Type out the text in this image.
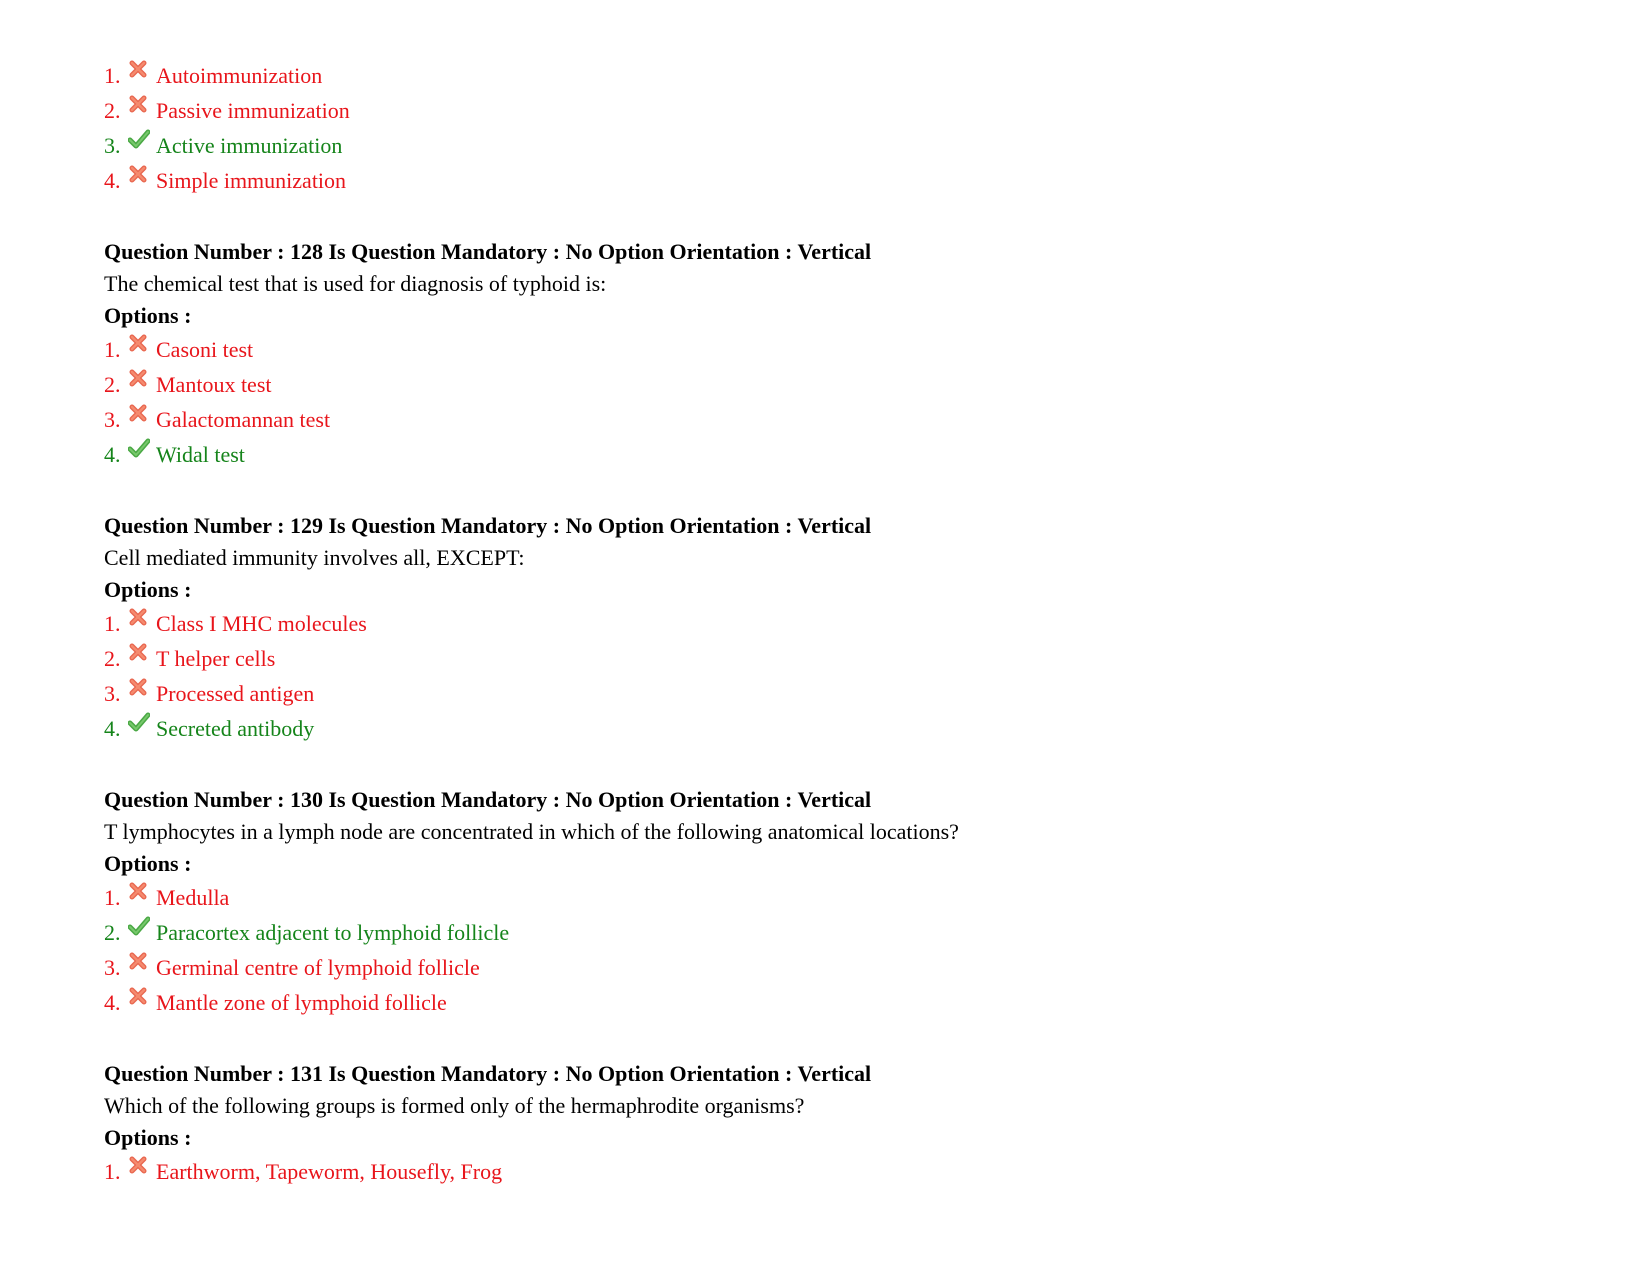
1.	Autoimmunization
2.	Passive immunization
3.	Active immunization
4.	Simple immunization
Question Number : 128 Is Question Mandatory : No Option Orientation : Vertical
The chemical test that is used for diagnosis of typhoid is:
Options :
1.	Casoni test
2.	Mantoux test
3.	Galactomannan test
4.	Widal test
Question Number : 129 Is Question Mandatory : No Option Orientation : Vertical
Cell mediated immunity involves all, EXCEPT:
Options :
1.	Class I MHC molecules
2.	T helper cells
3.	Processed antigen
4.	Secreted antibody
Question Number : 130 Is Question Mandatory : No Option Orientation : Vertical
T lymphocytes in a lymph node are concentrated in which of the following anatomical locations?
Options :
1.	Medulla
2.	Paracortex adjacent to lymphoid follicle
3.	Germinal centre of lymphoid follicle
4.	Mantle zone of lymphoid follicle
Question Number : 131 Is Question Mandatory : No Option Orientation : Vertical
Which of the following groups is formed only of the hermaphrodite organisms?
Options :
1.	Earthworm, Tapeworm, Housefly, Frog
